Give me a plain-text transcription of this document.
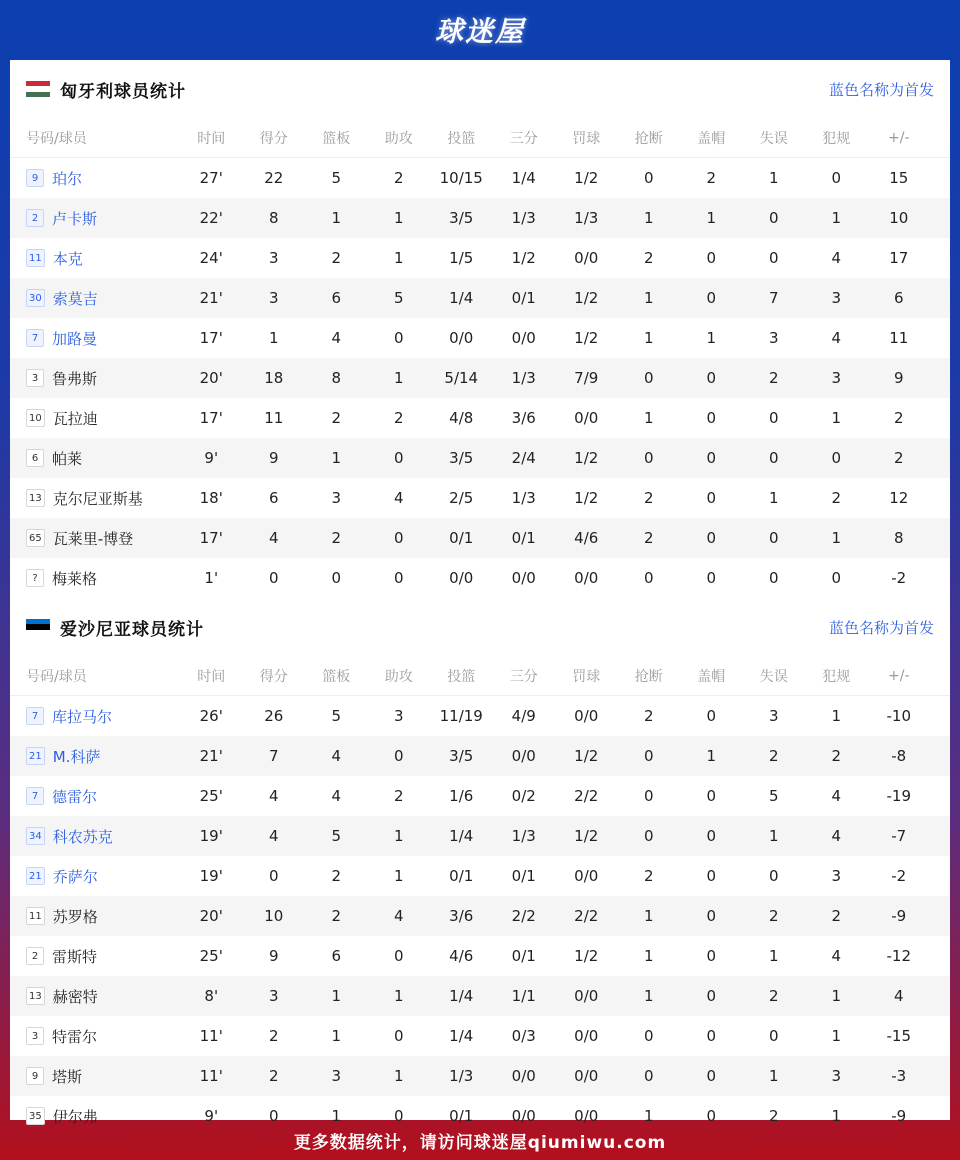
球迷屋
匈牙利球员统计	蓝色名称为首发
号码/球员	时间	得分	篮板	助攻	投篮	三分	罚球	抢断	盖帽	失误	犯规	+/-
9 珀尔	27'	22	5	2	10/15	1/4	1/2	0	2	1	0	15
2 卢卡斯	22'	8	1	1	3/5	1/3	1/3	1	1	0	1	10
11 本克	24'	3	2	1	1/5	1/2	0/0	2	0	0	4	17
30 索莫吉	21'	3	6	5	1/4	0/1	1/2	1	0	7	3	6
7 加路曼	17'	1	4	0	0/0	0/0	1/2	1	1	3	4	11
3 鲁弗斯	20'	18	8	1	5/14	1/3	7/9	0	0	2	3	9
10 瓦拉迪	17'	11	2	2	4/8	3/6	0/0	1	0	0	1	2
6 帕莱	9'	9	1	0	3/5	2/4	1/2	0	0	0	0	2
13 克尔尼亚斯基	18'	6	3	4	2/5	1/3	1/2	2	0	1	2	12
65 瓦莱里-博登	17'	4	2	0	0/1	0/1	4/6	2	0	0	1	8
? 梅莱格	1'	0	0	0	0/0	0/0	0/0	0	0	0	0	-2
爱沙尼亚球员统计	蓝色名称为首发
号码/球员	时间	得分	篮板	助攻	投篮	三分	罚球	抢断	盖帽	失误	犯规	+/-
7 库拉马尔	26'	26	5	3	11/19	4/9	0/0	2	0	3	1	-10
21 M.科萨	21'	7	4	0	3/5	0/0	1/2	0	1	2	2	-8
7 德雷尔	25'	4	4	2	1/6	0/2	2/2	0	0	5	4	-19
34 科农苏克	19'	4	5	1	1/4	1/3	1/2	0	0	1	4	-7
21 乔萨尔	19'	0	2	1	0/1	0/1	0/0	2	0	0	3	-2
11 苏罗格	20'	10	2	4	3/6	2/2	2/2	1	0	2	2	-9
2 雷斯特	25'	9	6	0	4/6	0/1	1/2	1	0	1	4	-12
13 赫密特	8'	3	1	1	1/4	1/1	0/0	1	0	2	1	4
3 特雷尔	11'	2	1	0	1/4	0/3	0/0	0	0	0	1	-15
9 塔斯	11'	2	3	1	1/3	0/0	0/0	0	0	1	3	-3
35 伊尔弗	9'	0	1	0	0/1	0/0	0/0	1	0	2	1	-9
更多数据统计，请访问球迷屋qiumiwu.com
